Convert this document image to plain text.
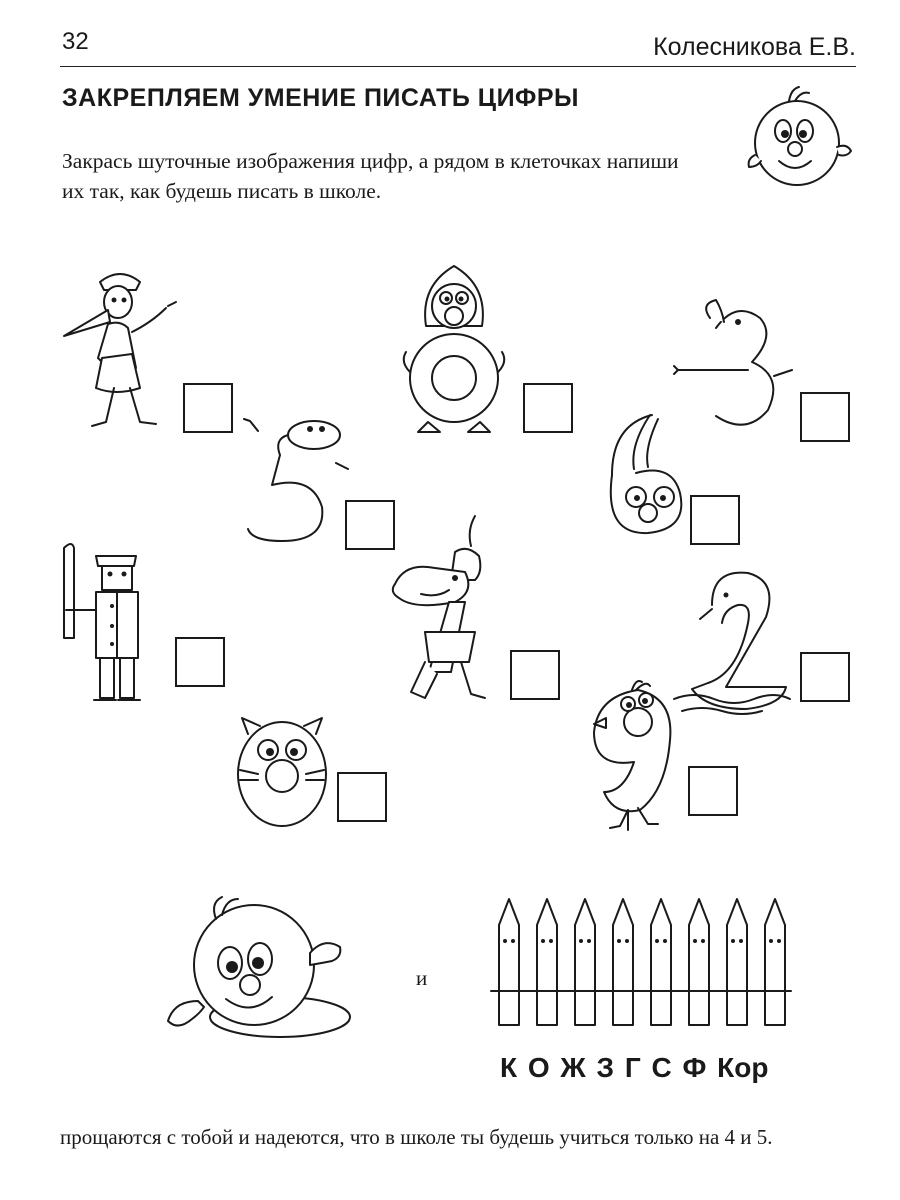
32	Колесникова Е.В.
ЗАКРЕПЛЯЕМ УМЕНИЕ ПИСАТЬ ЦИФРЫ
Закрась шуточные изображения цифр, а рядом в клеточках напиши их так, как будешь писать в школе.
и
К О Ж З Г С Ф Кор
прощаются с тобой и надеются, что в школе ты будешь учиться только на 4 и 5.
